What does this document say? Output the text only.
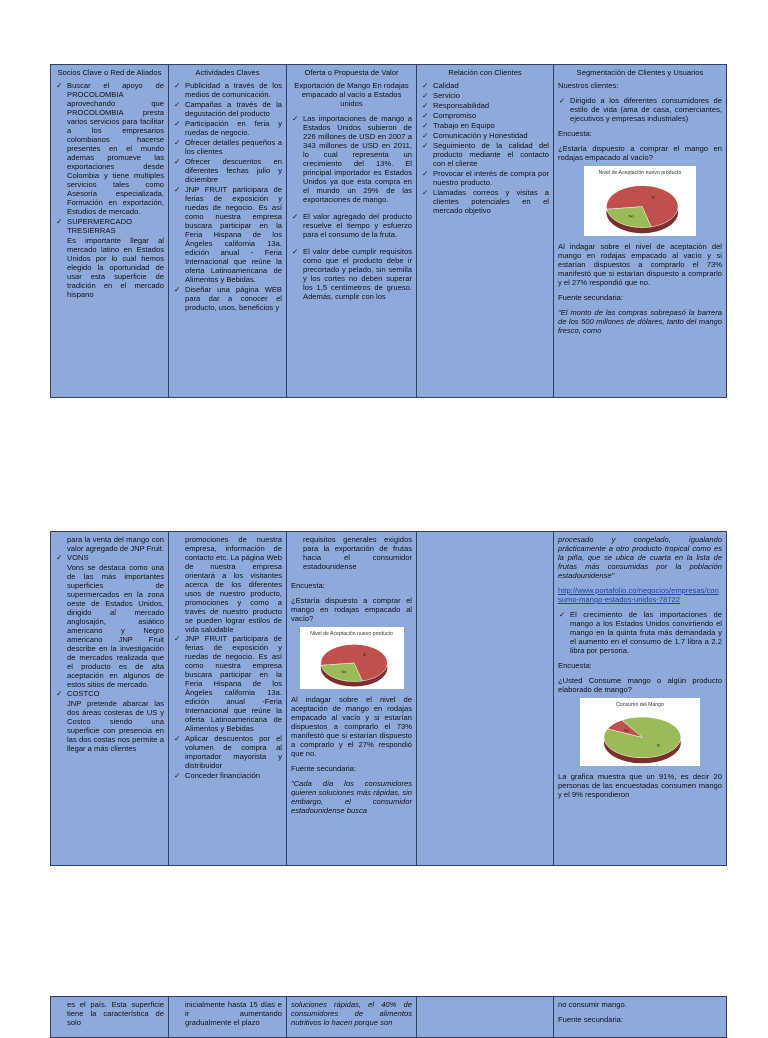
Socios Clave o Red de Aliados
✓ Buscar el apoyo de PROCOLOMBIA aprovechando que PROCOLOMBIA presta varios servicios para facilitar a los empresarios colombianos hacerse presentes en el mundo ademas promueve las exportaciones desde Colombia y tiene multiples servicios tales como Asesoría especializada, Formación en exportación, Estudios de mercado.
✓ SUPERMERCADO TRESIERRAS
Es importante llegar al mercado latino en Estados Unidos por lo cual hemos elegido la oportunidad de usar esta superficie de tradición en el mercado hispano
Actividades Claves
✓ Publicidad a través de los medios de comunicación.
✓ Campañas a través de la degustación del producto
✓ Participación en feria y ruedas de negocio.
✓ Ofrecer detalles pequeños a los clientes
✓ Ofrecer descuentos en diferentes fechas julio y diciembre
✓ JNP FRUIT participara de ferias de exposición y ruedas de negocio. Es así como nuestra empresa buscara participar en la Feria Hispana de los Ángeles california 13a. edición anual - Feria Internacional que reúne la oferta Latinoamericana de Alimentos y Bebidas.
✓ Diseñar una página WEB para dar a conocer el producto, usos, beneficios y
Oferta o Propuesta de Valor

Exportación de Mango En rodajas empacado al vacío a Estados unidos

✓ Las importaciones de mango a Estados Unidos subieron de 226 millones de USD en 2007 a 343 millones de USD en 2011, lo cual representa un crecimiento del 13%. El principal importador es Estados Unidos ya que esta compra en el mundo un 29% de las exportaciones de mango.
✓ El valor agregado del producto resuelve el tiempo y esfuerzo para el consumo de la fruta.
✓ El valor debe cumplir requisitos como que el producto debe ir precortado y pelado, sin semilla y los cortes no deben superar los 1,5 centímetros de grueso. Además, cumplir con los
Relación con Clientes
✓ Calidad
✓ Servicio
✓ Responsabilidad
✓ Compromiso
✓ Trabajo en Equipo
✓ Comunicación y Honestidad
✓ Seguimiento de la calidad del producto mediante el contacto con el cliente
✓ Provocar el interés de compra por nuestro producto.
✓ Llamadas correos y visitas a clientes potenciales en el mercado objetivo
Segmentación de Clientes y Usuarios

Nuestros clientes:

✓ Dirigido a los diferentes consumidores de estilo de vida (ama de casa, comerciantes, ejecutivos y empresas industriales)

Encuesta:

¿Estaría dispuesto a comprar el mango en rodajas empacado al vacío?

Si
No
Nivel de Aceptación nuevo producto

Al indagar sobre el nivel de aceptación del mango en rodajas empacado al vacío y si estarían dispuestos a comprarlo el 73% manifestó que si estarían dispuesto a comprarlo y el 27% respondió que no.

Fuente secundaria:

"El monto de las compras sobrepasó la barrera de los 500 millones de dólares, tanto del mango fresco, como

para la venta del mango con valor agregado de JNP Fruit.
✓ VONS
Vons se destaca como una de las más importantes superficies de supermercados en la zona oeste de Estados Unidos, dirigido al mercado anglosajón, asiático americano y Negro americano JNP Fruit describe en la investigación de mercados realizada que el producto es de alta aceptación en algunos de estos sitios de mercado.
✓ COSTCO
JNP pretende abarcar las dos áreas costeras de US y Costco siendo una superficie con presencia en las dos costas nos permite a llegar a más clientes
promociones de nuestra empresa, información de contacto etc. La página Web de nuestra empresa orientará a los visitantes acerca de los diferentes usos de nuestro producto, promociones y como a través de nuestro producto se pueden lograr estilos de vida saludable
✓ JNP FRUIT participara de ferias de exposición y ruedas de negocio. Es así como nuestra empresa buscara participar en la Feria Hispana de los Ángeles california 13a. edición anual -Feria Internacional que reúne la oferta Latinoamericana de Alimentos y Bebidas
✓ Aplicar descuentos por el volumen de compra al importador mayorista y distribuidor
✓ Conceder financiación
requisitos generales exigidos para la exportación de frutas hacia el consumidor estadounidense

Encuesta:

¿Estaría dispuesto a comprar el mango en rodajas empacado al vacío?

Si
No
Nivel de Aceptación nuevo producto

Al indagar sobre el nivel de aceptación de mango en rodajas empacado al vacío y si estarían dispuestos a comprarlo el 73% manifestó que si estarían dispuesto a comprarlo y el 27% respondió que no.

Fuente secundaria:

"Cada día los consumidores quieren soluciones más rápidas, sin embargo, el consumidor estadounidense busca

procesado y congelado, igualando prácticamente a otro producto tropical como es la piña, que se ubica de cuarta en la lista de frutas más consumidas por la población estadounidense"

http://www.portafolio.co/negocios/empresas/consumo-mango-estados-unidos-78722

✓ El crecimiento de las importaciones de mango a los Estados Unidos convirtiendo el mango en la quinta fruta más demandada y el aumento en el consumo de 1.7 libra a 2.2 libra por persona.

Encuesta:

¿Usted Consume mango o algún producto elaborado de mango?

Si
No
Consumo del Mango

La grafica muestra que un 91%, es decir 20 personas de las encuestadas consumen mango y el 9% respondieron

es el país. Esta superficie tiene la característica de solo
inicialmente hasta 15 días e ir aumentando gradualmente el plazo

soluciones rápidas, el 40% de consumidores de alimentos nutritivos lo hacen porque son

no consumir mango.

Fuente secundaria:
